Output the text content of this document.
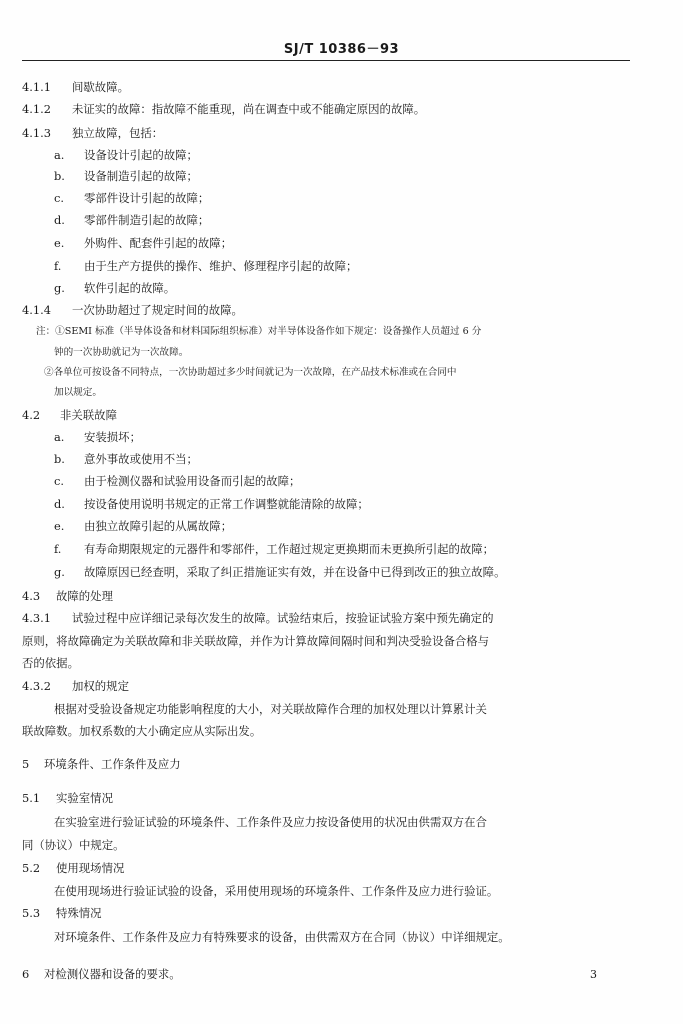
SJ/T 10386－93
4.1.1 间歇故障。
4.1.2 未证实的故障：指故障不能重现，尚在调查中或不能确定原因的故障。
4.1.3 独立故障，包括：
a. 设备设计引起的故障；
b. 设备制造引起的故障；
c. 零部件设计引起的故障；
d. 零部件制造引起的故障；
e. 外购件、配套件引起的故障；
f. 由于生产方提供的操作、维护、修理程序引起的故障；
g. 软件引起的故障。
4.1.4 一次协助超过了规定时间的故障。
注：①SEMI 标准（半导体设备和材料国际组织标准）对半导体设备作如下规定：设备操作人员超过 6 分
钟的一次协助就记为一次故障。
②各单位可按设备不同特点，一次协助超过多少时间就记为一次故障，在产品技术标准或在合同中
加以规定。
4.2 非关联故障
a. 安装损坏；
b. 意外事故或使用不当；
c. 由于检测仪器和试验用设备而引起的故障；
d. 按设备使用说明书规定的正常工作调整就能清除的故障；
e. 由独立故障引起的从属故障；
f. 有寿命期限规定的元器件和零部件，工作超过规定更换期而未更换所引起的故障；
g. 故障原因已经查明，采取了纠正措施证实有效，并在设备中已得到改正的独立故障。
4.3 故障的处理
4.3.1 试验过程中应详细记录每次发生的故障。试验结束后，按验证试验方案中预先确定的
原则，将故障确定为关联故障和非关联故障，并作为计算故障间隔时间和判决受验设备合格与
否的依据。
4.3.2 加权的规定
根据对受验设备规定功能影响程度的大小，对关联故障作合理的加权处理以计算累计关
联故障数。加权系数的大小确定应从实际出发。
5 环境条件、工作条件及应力
5.1 实验室情况
在实验室进行验证试验的环境条件、工作条件及应力按设备使用的状况由供需双方在合
同（协议）中规定。
5.2 使用现场情况
在使用现场进行验证试验的设备，采用使用现场的环境条件、工作条件及应力进行验证。
5.3 特殊情况
对环境条件、工作条件及应力有特殊要求的设备，由供需双方在合同（协议）中详细规定。
6 对检测仪器和设备的要求。	3
